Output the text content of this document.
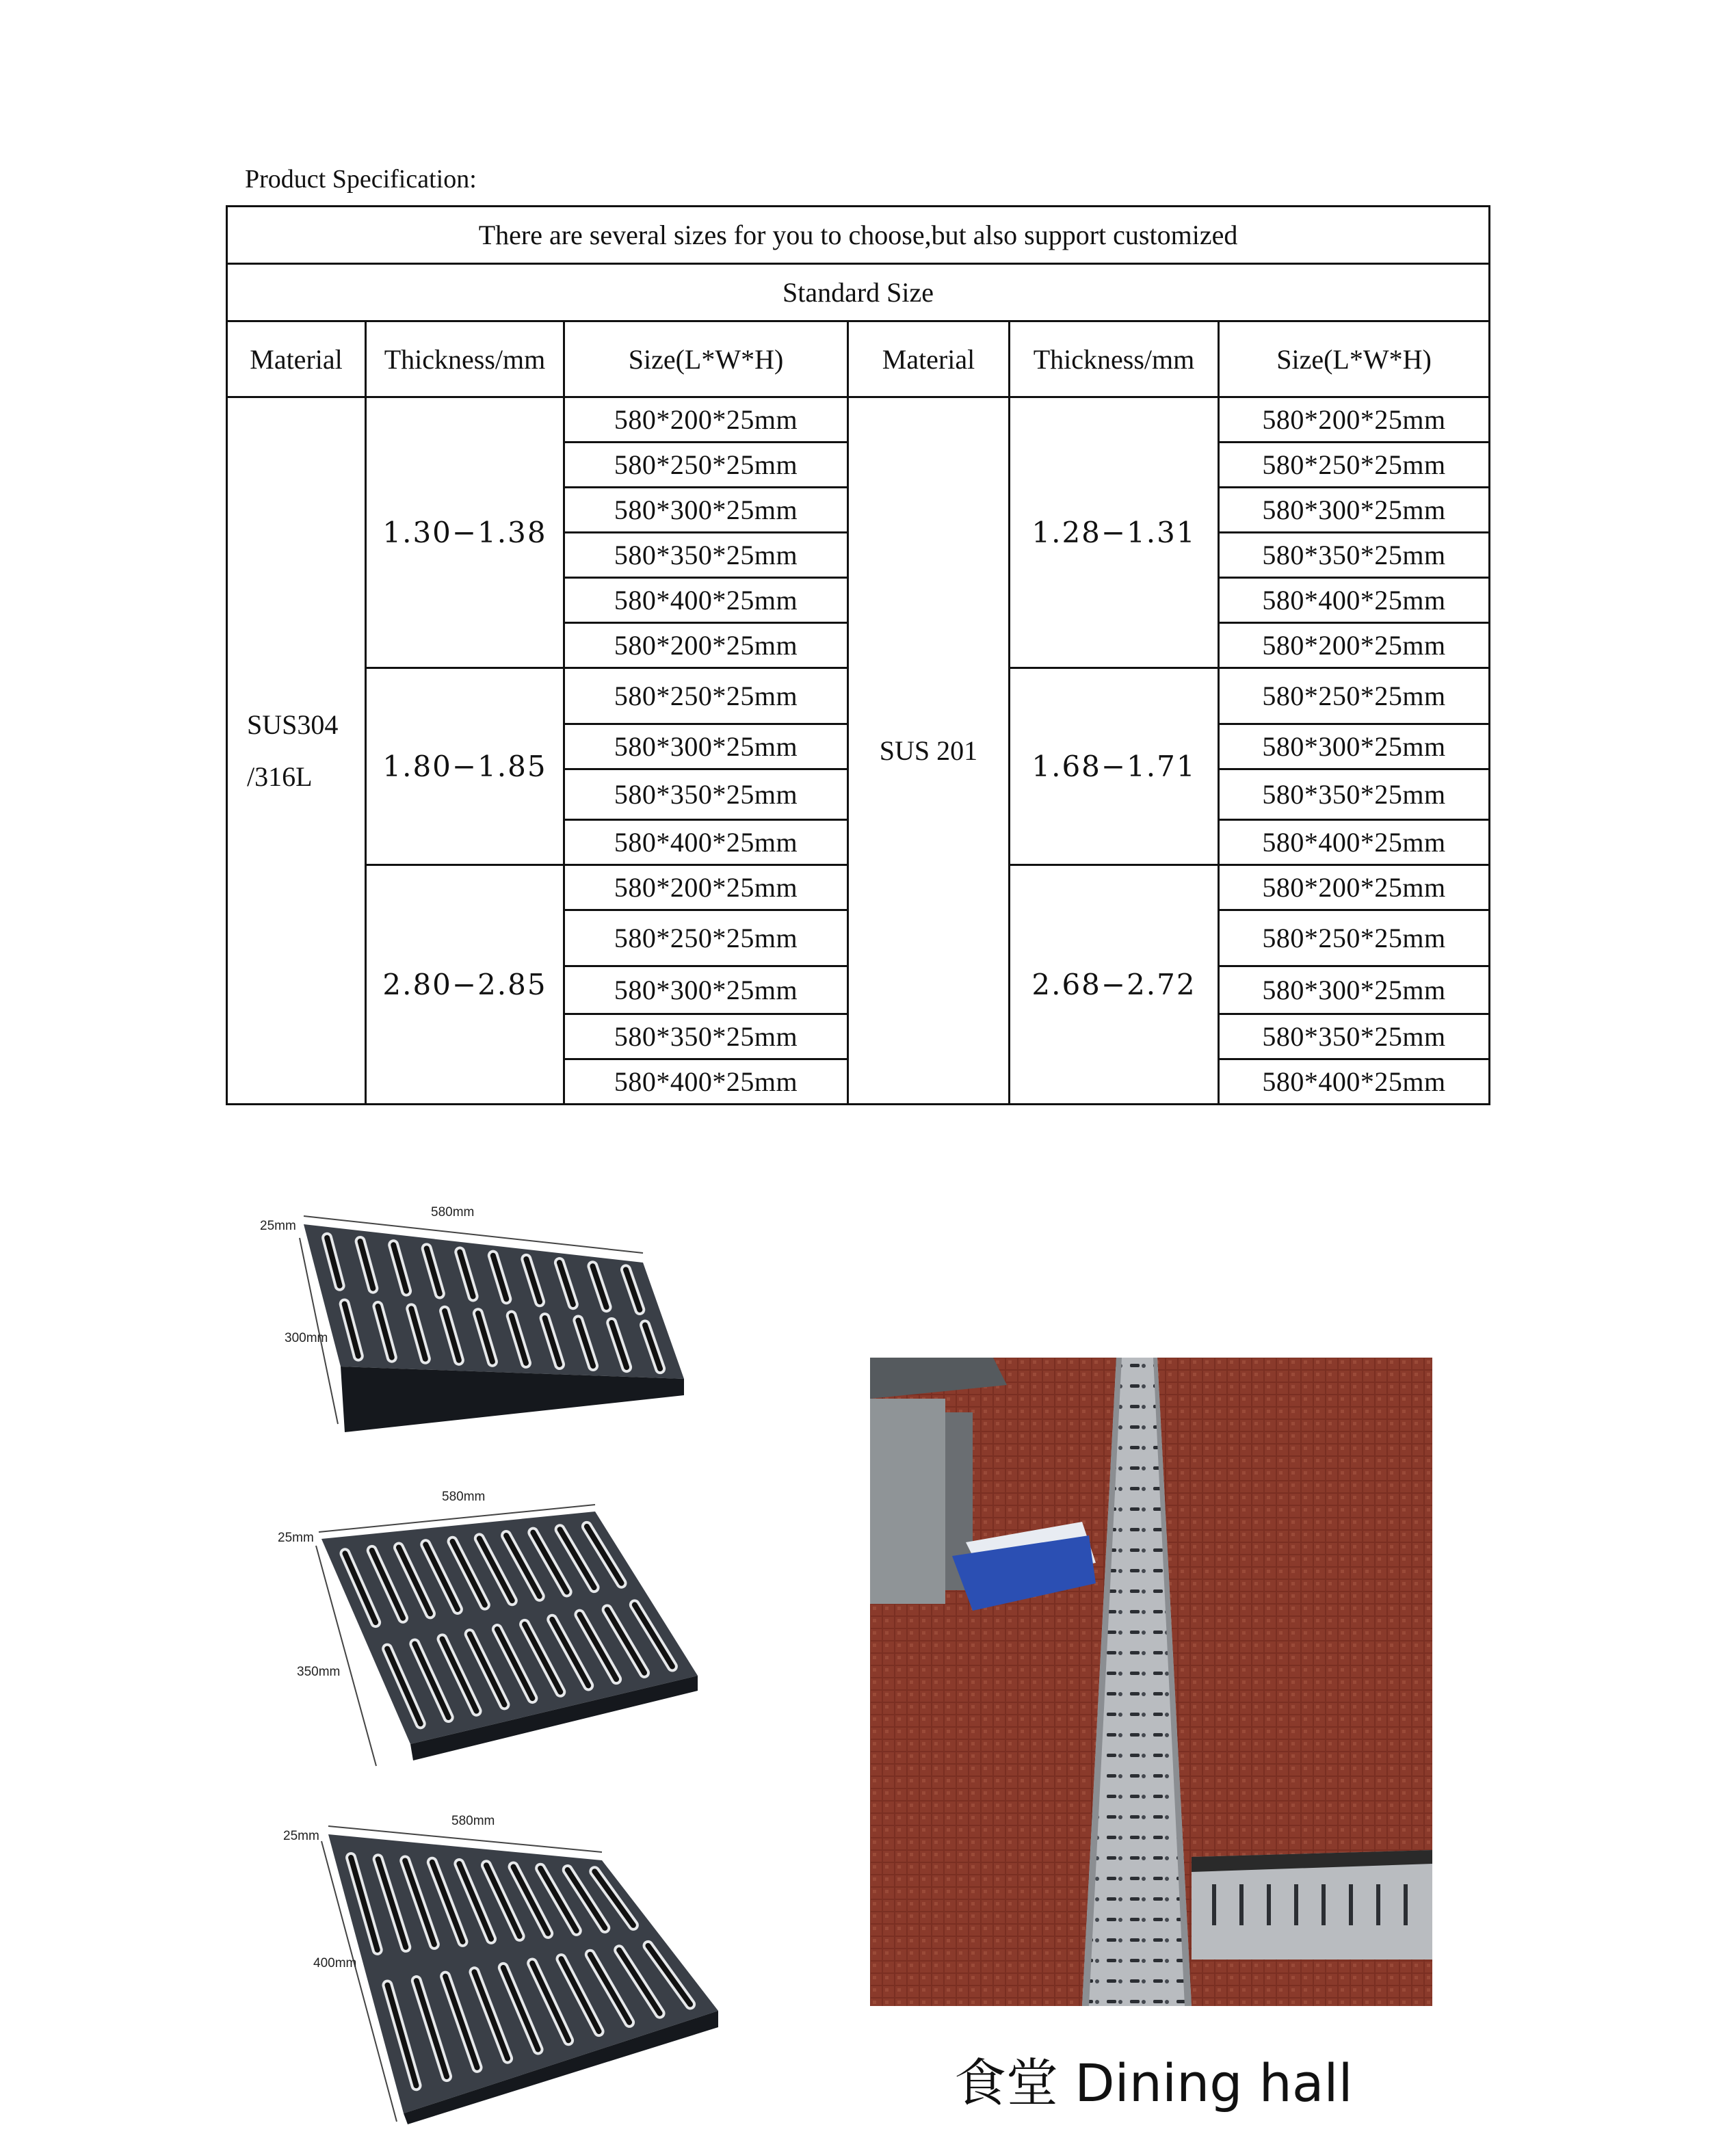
Product Specification:
There are several sizes for you to choose,but also support customized					
Standard Size					
Material	Thickness/mm	Size(L*W*H)	Material	Thickness/mm	Size(L*W*H)

SUS304
/316L	1.30−1.38	580*200*25mm	SUS 201	1.28−1.31	580*200*25mm
		580*250*25mm			580*250*25mm
		580*300*25mm			580*300*25mm
		580*350*25mm			580*350*25mm
		580*400*25mm			580*400*25mm
		580*200*25mm			580*200*25mm
	1.80−1.85	580*250*25mm		1.68−1.71	580*250*25mm
		580*300*25mm			580*300*25mm
		580*350*25mm			580*350*25mm
		580*400*25mm			580*400*25mm
	2.80−2.85	580*200*25mm		2.68−2.72	580*200*25mm
		580*250*25mm			580*250*25mm
		580*300*25mm			580*300*25mm
		580*350*25mm			580*350*25mm
		580*400*25mm			580*400*25mm
580mm
25mm
300mm
580mm
25mm
350mm
580mm
25mm
400mm
食堂 Dining hall
